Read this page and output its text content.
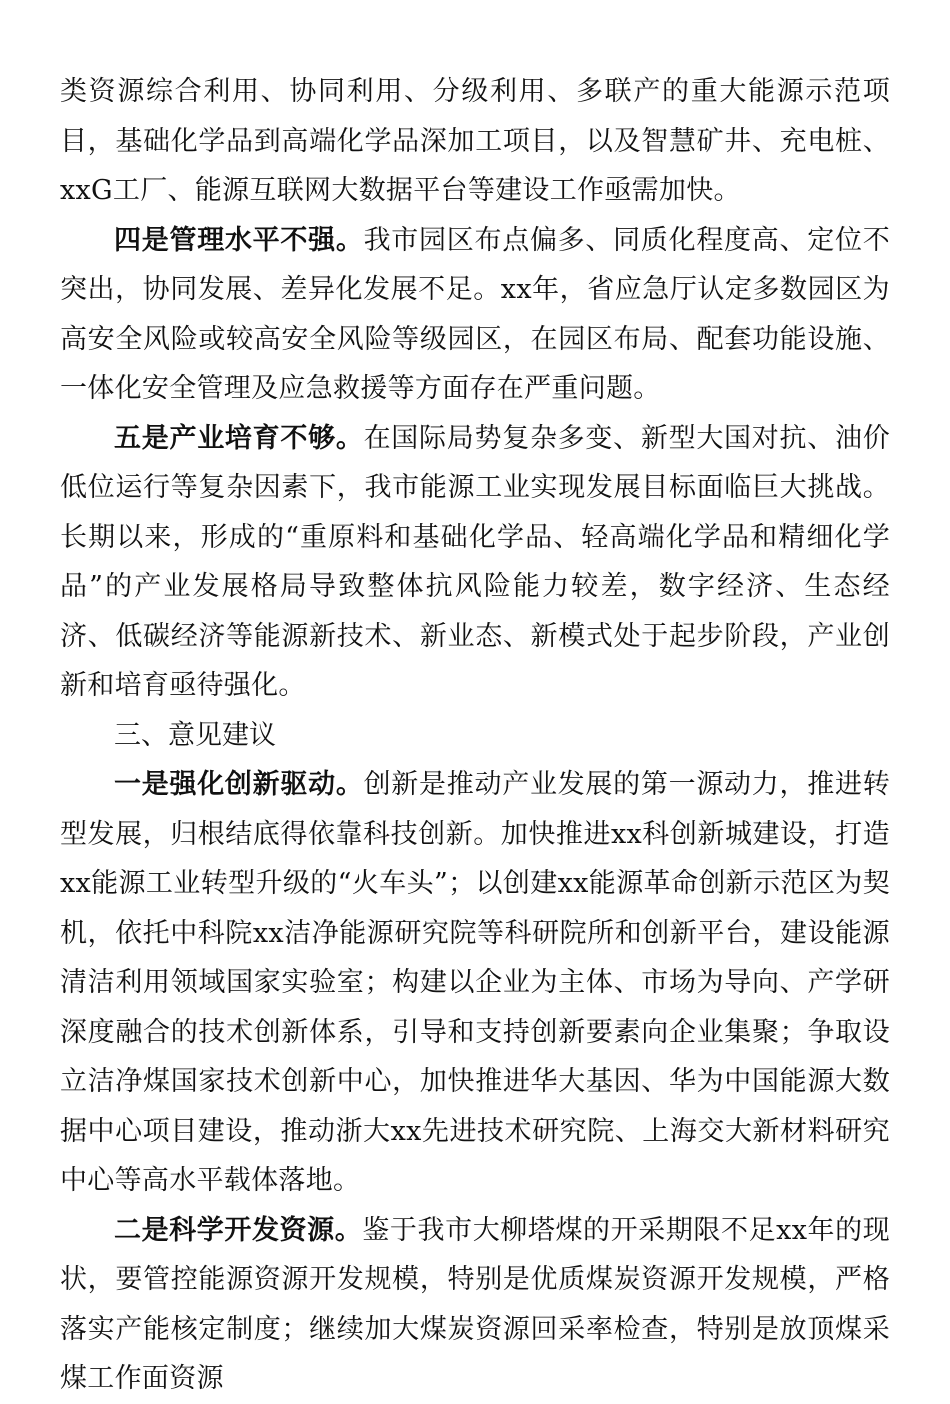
类资源综合利用、协同利用、分级利用、多联产的重大能源示范项目，基础化学品到高端化学品深加工项目，以及智慧矿井、充电桩、xxG工厂、能源互联网大数据平台等建设工作亟需加快。

四是管理水平不强。我市园区布点偏多、同质化程度高、定位不突出，协同发展、差异化发展不足。xx年，省应急厅认定多数园区为高安全风险或较高安全风险等级园区，在园区布局、配套功能设施、一体化安全管理及应急救援等方面存在严重问题。

五是产业培育不够。在国际局势复杂多变、新型大国对抗、油价低位运行等复杂因素下，我市能源工业实现发展目标面临巨大挑战。长期以来，形成的“重原料和基础化学品、轻高端化学品和精细化学品”的产业发展格局导致整体抗风险能力较差，数字经济、生态经济、低碳经济等能源新技术、新业态、新模式处于起步阶段，产业创新和培育亟待强化。

三、意见建议

一是强化创新驱动。创新是推动产业发展的第一源动力，推进转型发展，归根结底得依靠科技创新。加快推进xx科创新城建设，打造xx能源工业转型升级的“火车头”；以创建xx能源革命创新示范区为契机，依托中科院xx洁净能源研究院等科研院所和创新平台，建设能源清洁利用领域国家实验室；构建以企业为主体、市场为导向、产学研深度融合的技术创新体系，引导和支持创新要素向企业集聚；争取设立洁净煤国家技术创新中心，加快推进华大基因、华为中国能源大数据中心项目建设，推动浙大xx先进技术研究院、上海交大新材料研究中心等高水平载体落地。

二是科学开发资源。鉴于我市大柳塔煤的开采期限不足xx年的现状，要管控能源资源开发规模，特别是优质煤炭资源开发规模，严格落实产能核定制度；继续加大煤炭资源回采率检查，特别是放顶煤采煤工作面资源
